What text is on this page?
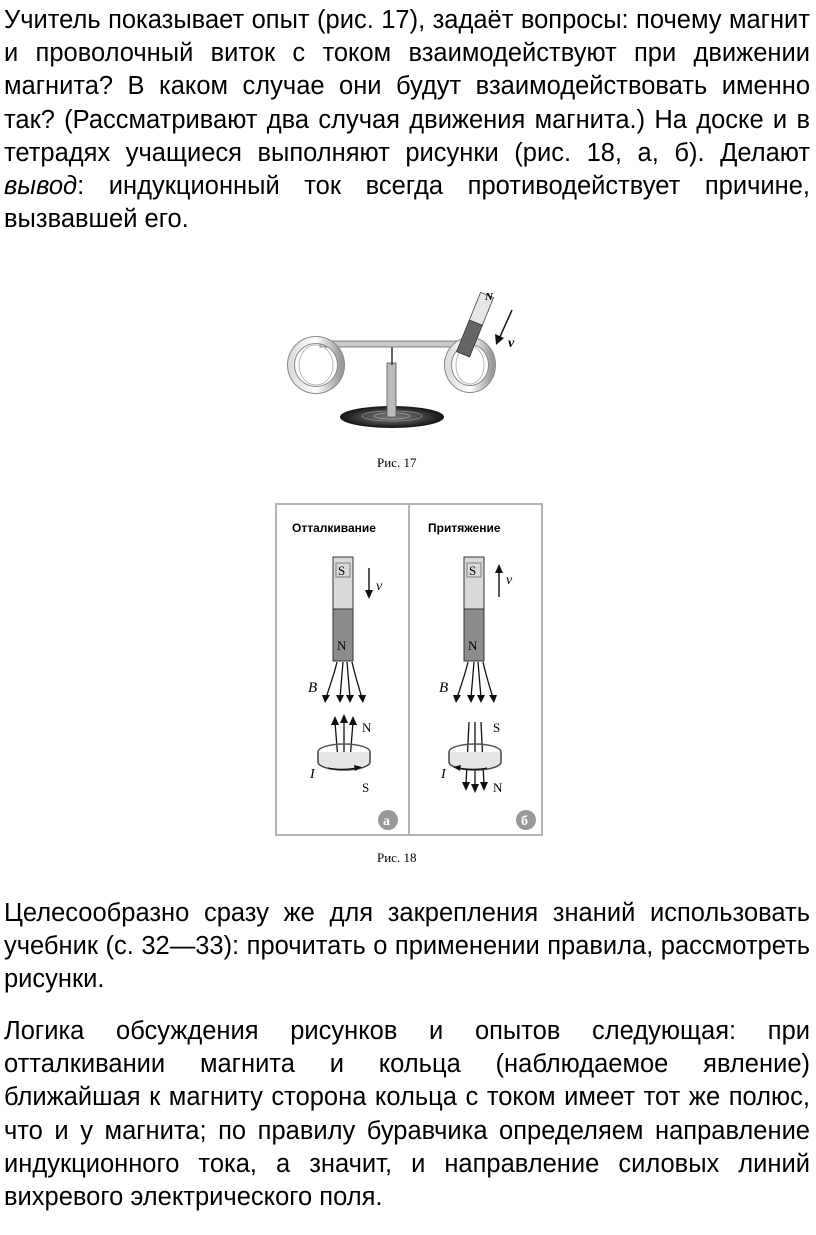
Учитель показывает опыт (рис. 17), задаёт вопросы: почему магнит и проволочный виток с током взаимодействуют при движении магнита? В каком случае они будут взаимодействовать именно так? (Рассматривают два случая движения магнита.) На доске и в тетрадях учащиеся выполняют рисунки (рис. 18, а, б). Делают вывод: индукционный ток всегда противодействует причине, вызвавшей его.
N
v⃗
Рис. 17
Отталкивание
S
N
v⃗
B⃗
N
I
S
а
Притяжение
S
N
v⃗
B⃗
S
I
N
б
Рис. 18
Целесообразно сразу же для закрепления знаний использовать учебник (с. 32—33): прочитать о применении правила, рассмотреть рисунки.
Логика обсуждения рисунков и опытов следующая: при отталкивании магнита и кольца (наблюдаемое явление) ближайшая к магниту сторона кольца с током имеет тот же полюс, что и у магнита; по правилу буравчика определяем направление индукционного тока, а значит, и направление силовых линий вихревого электрического поля.
